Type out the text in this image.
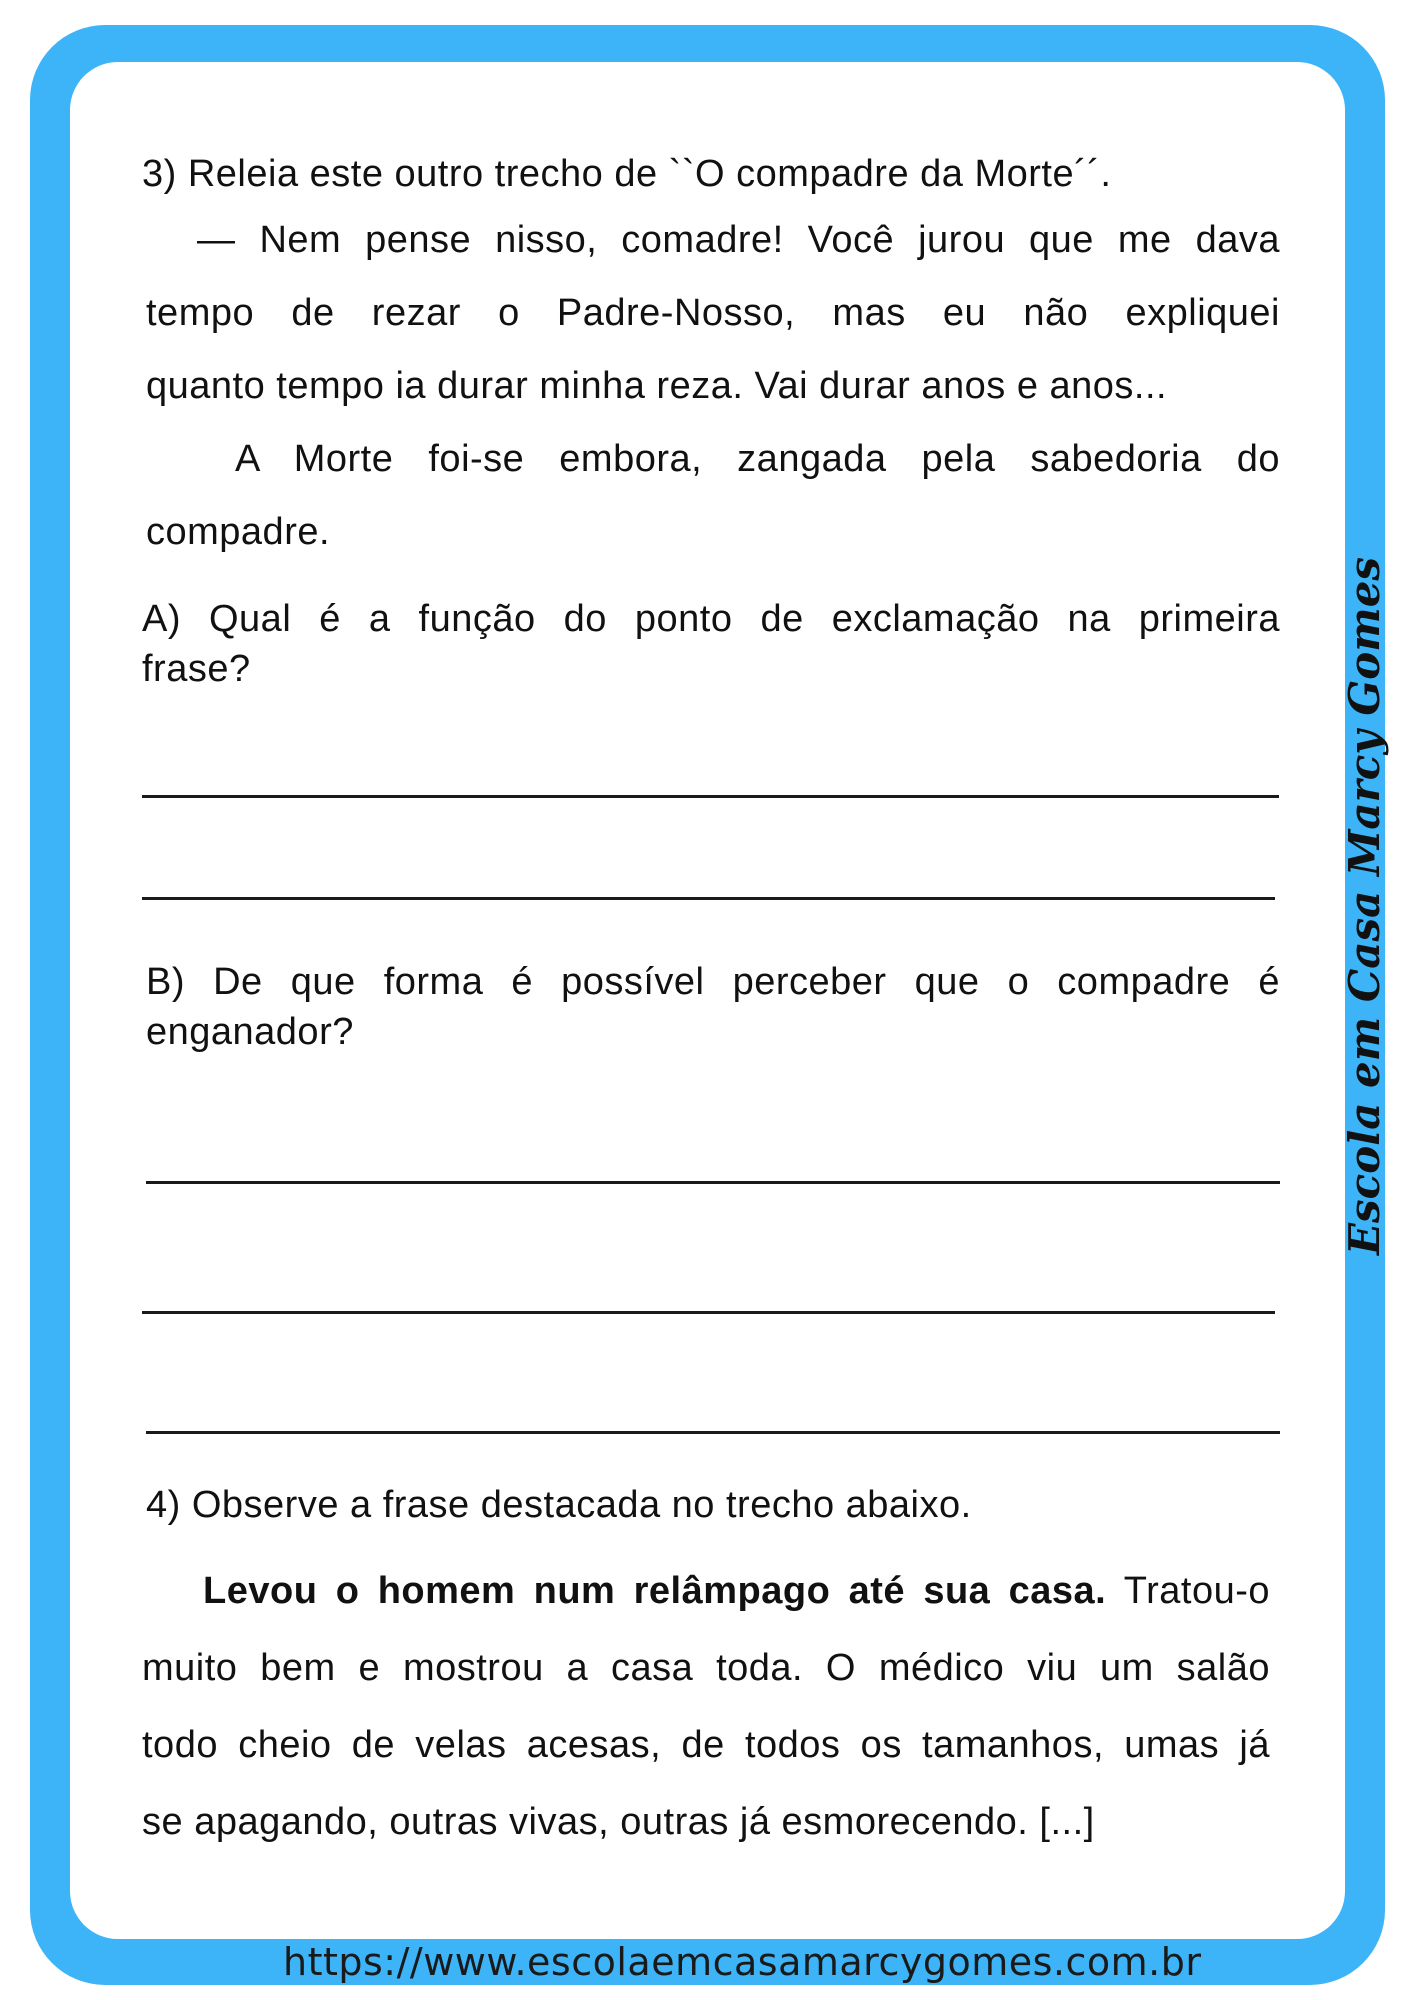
3) Releia este outro trecho de ``O compadre da Morte´´.
— Nem pense nisso, comadre! Você jurou que me dava
tempo de rezar o Padre-Nosso, mas eu não expliquei
quanto tempo ia durar minha reza. Vai durar anos e anos...
A Morte foi-se embora, zangada pela sabedoria do
compadre.
A) Qual é a função do ponto de exclamação na primeira
frase?
B) De que forma é possível perceber que o compadre é
enganador?
4) Observe a frase destacada no trecho abaixo.
Levou o homem num relâmpago até sua casa. Tratou-o
muito bem e mostrou a casa toda. O médico viu um salão
todo cheio de velas acesas, de todos os tamanhos, umas já
se apagando, outras vivas, outras já esmorecendo. [...]
Escola em Casa Marcy Gomes
https://www.escolaemcasamarcygomes.com.br
